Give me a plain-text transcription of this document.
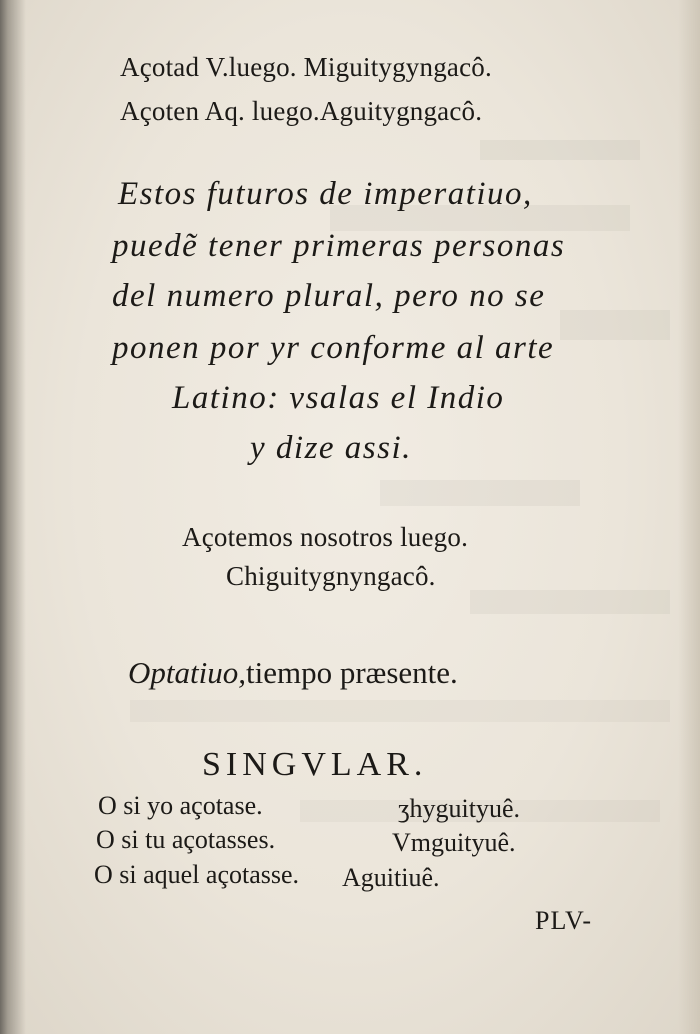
Açotad V.luego. Miguitygyngacô.
Açoten Aq. luego.Aguitygngacô.
Estos futuros de imperatiuo,
puedẽ tener primeras personas
del numero plural, pero no se
ponen por yr conforme al arte
Latino: vsalas el Indio
y dize assi.
Açotemos nosotros luego.
Chiguitygnyngacô.
Optatiuo,tiempo præsente.
SINGVLAR.
O si yo açotase.	ʒhyguityuê.
O si tu açotasses.	Vmguityuê.
O si aquel açotasse. Aguitiuê.
PLV-
